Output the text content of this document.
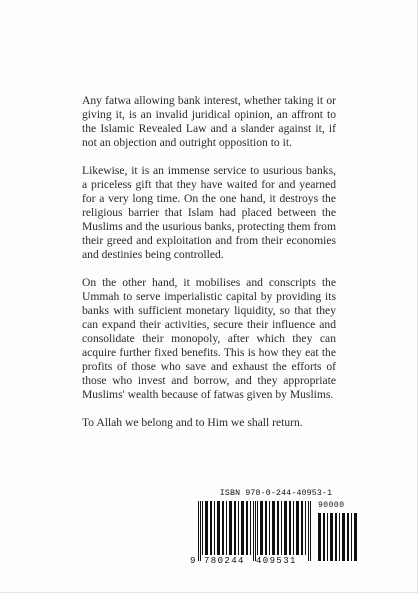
Any fatwa allowing bank interest, whether taking it or giving it, is an invalid juridical opinion, an affront to the Islamic Revealed Law and a slander against it, if not an objection and outright opposition to it.

Likewise, it is an immense service to usurious banks, a priceless gift that they have waited for and yearned for a very long time. On the one hand, it destroys the religious barrier that Islam had placed between the Muslims and the usurious banks, protecting them from their greed and exploitation and from their economies and destinies being controlled.

On the other hand, it mobilises and conscripts the Ummah to serve imperialistic capital by providing its banks with sufficient monetary liquidity, so that they can expand their activities, secure their influence and consolidate their monopoly, after which they can acquire further fixed benefits. This is how they eat the profits of those who save and exhaust the efforts of those who invest and borrow, and they appropriate Muslims' wealth because of fatwas given by Muslims.

To Allah we belong and to Him we shall return.

ISBN 978-0-244-40953-1
90000
9 780244 409531
